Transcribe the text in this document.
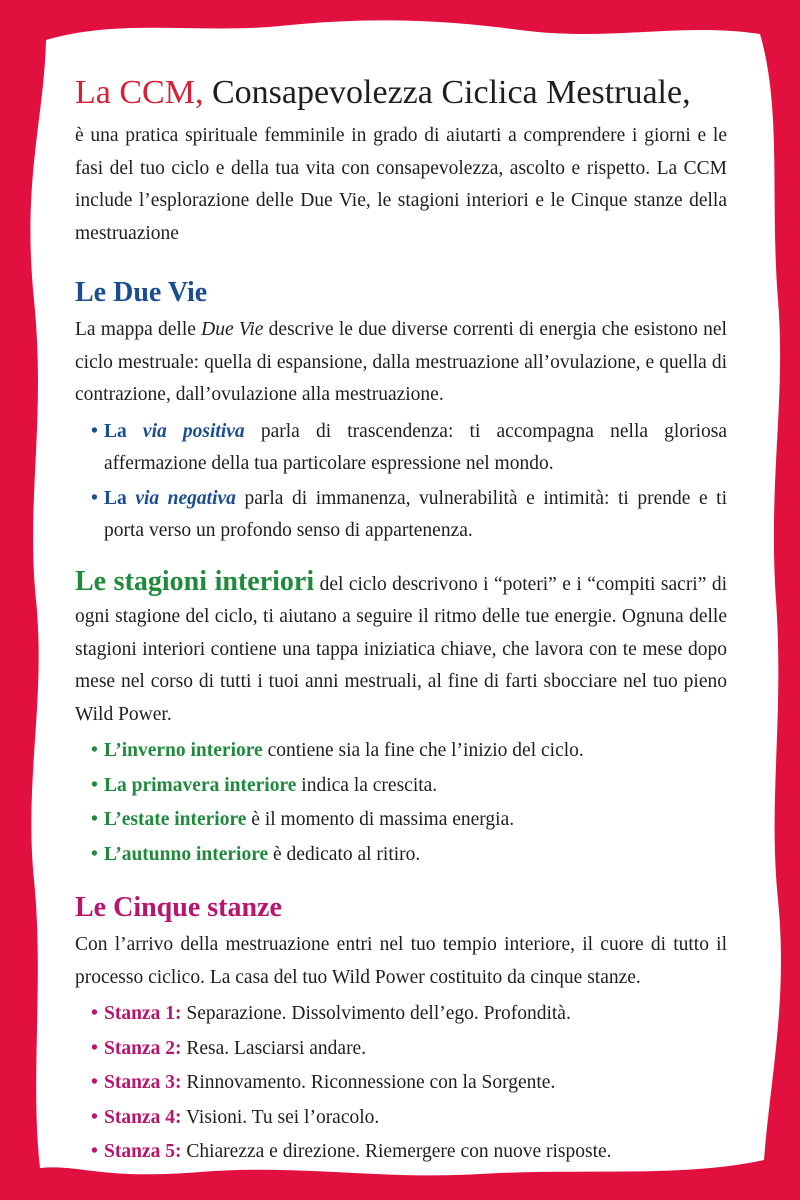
La CCM, Consapevolezza Ciclica Mestruale,

è una pratica spirituale femminile in grado di aiutarti a comprendere i giorni e le fasi del tuo ciclo e della tua vita con consapevolezza, ascolto e rispetto. La CCM include l’esplorazione delle Due Vie, le stagioni interiori e le Cinque stanze della mestruazione

Le Due Vie

La mappa delle Due Vie descrive le due diverse correnti di energia che esistono nel ciclo mestruale: quella di espansione, dalla mestruazione all’ovulazione, e quella di contrazione, dall’ovulazione alla mestruazione.

• La via positiva parla di trascendenza: ti accompagna nella gloriosa affermazione della tua particolare espressione nel mondo.
• La via negativa parla di immanenza, vulnerabilità e intimità: ti prende e ti porta verso un profondo senso di appartenenza.

Le stagioni interiori del ciclo descrivono i “poteri” e i “compiti sacri” di ogni stagione del ciclo, ti aiutano a seguire il ritmo delle tue energie. Ognuna delle stagioni interiori contiene una tappa iniziatica chiave, che lavora con te mese dopo mese nel corso di tutti i tuoi anni mestruali, al fine di farti sbocciare nel tuo pieno Wild Power.

• L’inverno interiore contiene sia la fine che l’inizio del ciclo.
• La primavera interiore indica la crescita.
• L’estate interiore è il momento di massima energia.
• L’autunno interiore è dedicato al ritiro.
Le Cinque stanze

Con l’arrivo della mestruazione entri nel tuo tempio interiore, il cuore di tutto il processo ciclico. La casa del tuo Wild Power costituito da cinque stanze.

• Stanza 1: Separazione. Dissolvimento dell’ego. Profondità.
• Stanza 2: Resa. Lasciarsi andare.
• Stanza 3: Rinnovamento. Riconnessione con la Sorgente.
• Stanza 4: Visioni. Tu sei l’oracolo.
• Stanza 5: Chiarezza e direzione. Riemergere con nuove risposte.
